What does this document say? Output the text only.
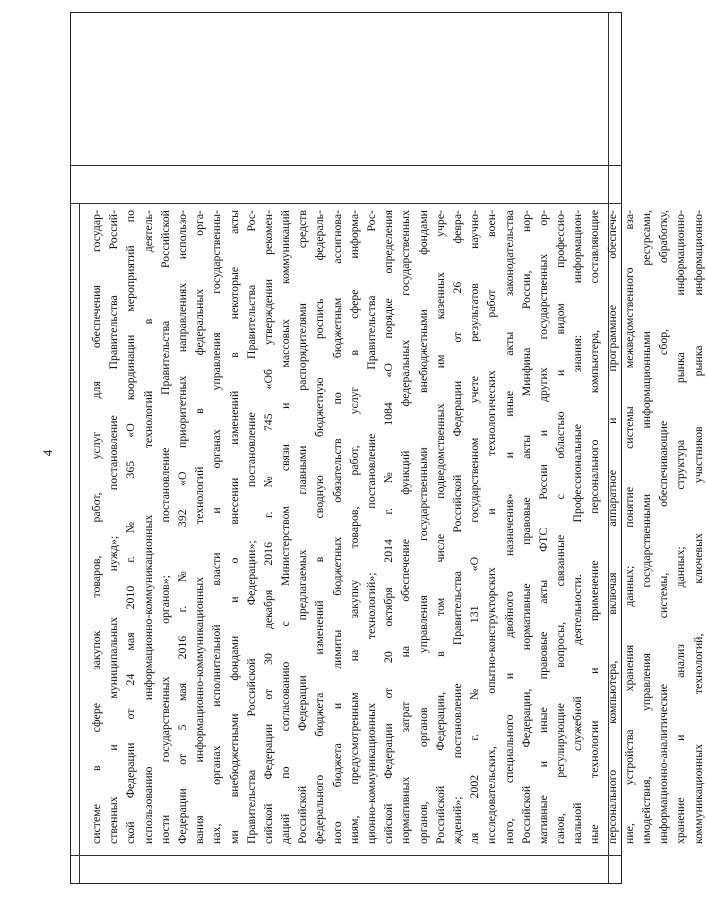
4	системе в сфере закупок товаров, работ, услуг для обеспечения государ- ственных и муниципальных нужд»; постановление Правительства Россий- ской Федерации от 24 мая 2010 г. № 365 «О координации мероприятий по использованию информационно-коммуникационных технологий в деятель- ности государственных органов»; постановление Правительства Российской Федерации от 5 мая 2016 г. № 392 «О приоритетных направлениях использо- вания информационно-коммуникационных технологий в федеральных орга- нах, органах исполнительной власти и органах управления государственны- ми внебюджетными фондами и о внесении изменений в некоторые акты Правительства Российской Федерации»; постановление Правительства Рос- сийской Федерации от 30 декабря 2016 г. № 745 «Об утверждении рекомен- даций по согласованию с Министерством связи и массовых коммуникаций Российской Федерации предлагаемых главными распорядителями средств федерального бюджета изменений в сводную бюджетную роспись федераль- ного бюджета и лимиты бюджетных обязательств по бюджетным ассигнова- ниям, предусмотренным на закупку товаров, работ, услуг в сфере информа- ционно-коммуникационных технологий»; постановление Правительства Рос- сийской Федерации от 20 октября 2014 г. № 1084 «О порядке определения нормативных затрат на обеспечение функций федеральных государственных органов, органов управления государственными внебюджетными фондами Российской Федерации, в том числе подведомственных им казенных учре- ждений»; постановление Правительства Российской Федерации от 26 февра- ля 2002 г. № 131 «О государственном учете результатов научно- исследовательских, опытно-конструкторских и технологических работ воен- ного, специального и двойного назначения» и иные акты законодательства Российской Федерации, нормативные правовые акты Минфина России, нор- мативные и иные правовые акты ФТС России и других государственных ор- ганов, регулирующие вопросы, связанные с областью и видом профессио- нальной служебной деятельности. Профессиональные знания: информацион- ные технологии и применение персонального компьютера, составляющие персонального компьютера, включая аппаратное и программное обеспече- ние, устройства хранения данных; понятие системы межведомственного вза- имодействия, управления государственными информационными ресурсами, информационно-аналитические системы, обеспечивающие сбор, обработку, хранение и анализ данных; структура рынка информационно- коммуникационных технологий, ключевых участников рынка информационно-
